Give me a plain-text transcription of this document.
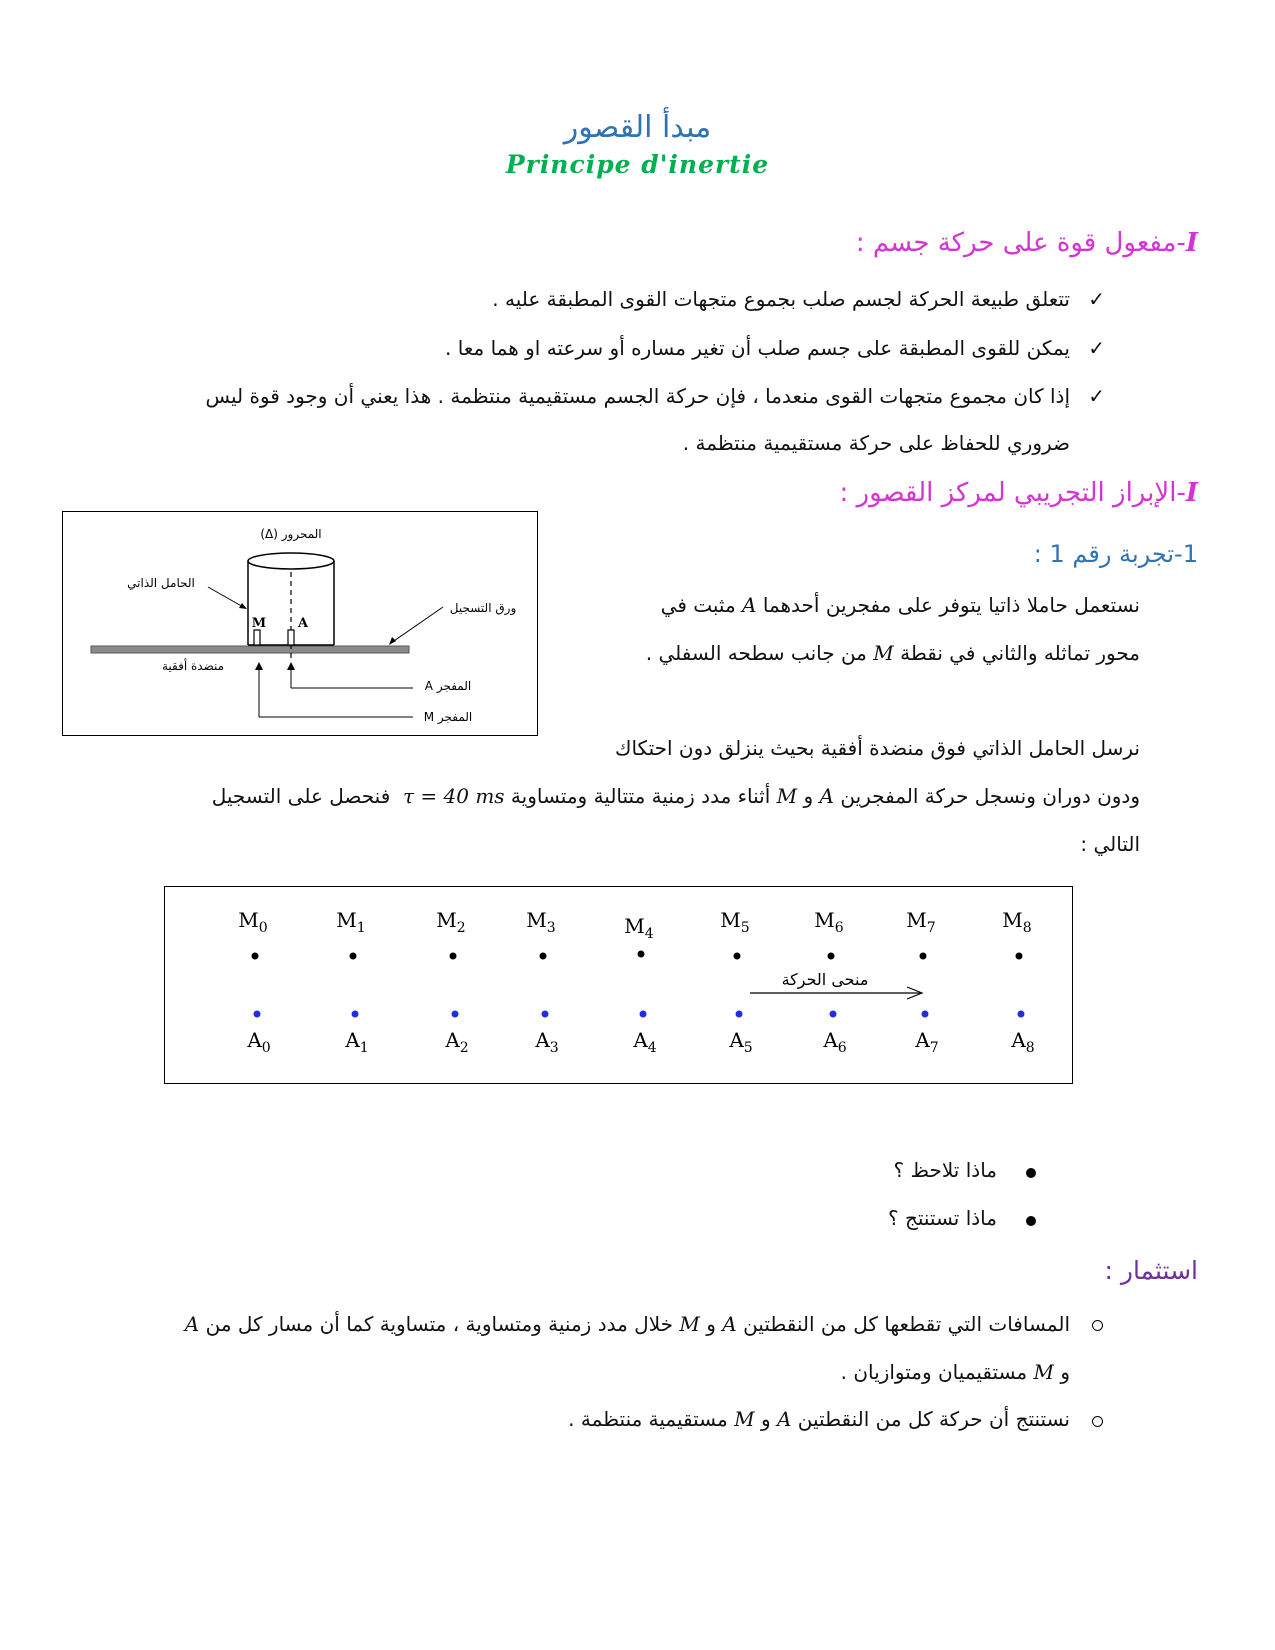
مبدأ القصور
Principe d'inertie
I-مفعول قوة على حركة جسم :
✓
تتعلق طبيعة الحركة لجسم صلب بجموع متجهات القوى المطبقة عليه .
✓
يمكن للقوى المطبقة على جسم صلب أن تغير مساره أو سرعته او هما معا .
✓
إذا كان مجموع متجهات القوى منعدما ، فإن حركة الجسم مستقيمية منتظمة . هذا يعني أن وجود قوة ليس
ضروري للحفاظ على حركة مستقيمية منتظمة .
I-الإبراز التجريبي لمركز القصور :
1-تجربة رقم 1 :
M A
المحرور (Δ)
الحامل الذاتي
ورق التسجيل
منضدة أفقية
المفجر A
المفجر M
نستعمل حاملا ذاتيا يتوفر على مفجرين أحدهما A مثبت في
محور تماثله والثاني في نقطة M من جانب سطحه السفلي .
نرسل الحامل الذاتي فوق منضدة أفقية بحيث ينزلق دون احتكاك
ودون دوران ونسجل حركة المفجرين A و M أثناء مدد زمنية متتالية ومتساوية τ = 40 ms  فنحصل على التسجيل
التالي :
منحى الحركة
$M_0$	$M_1$	$M_2$	$M_3$	$M_4$
$M_5$	$M_6$	$M_7$	$M_8$
$A_0$	$A_1$	$A_2$	$A_3$	$A_4$	$A_5$	$A_6$	$A_7$	$A_8$
ماذا تلاحظ ؟
ماذا تستنتج ؟
استثمار :
المسافات التي تقطعها كل من النقطتين A و M خلال مدد زمنية ومتساوية ، متساوية كما أن مسار كل من A
و M مستقيميان ومتوازيان .
نستنتج أن حركة كل من النقطتين A و M مستقيمية منتظمة .
